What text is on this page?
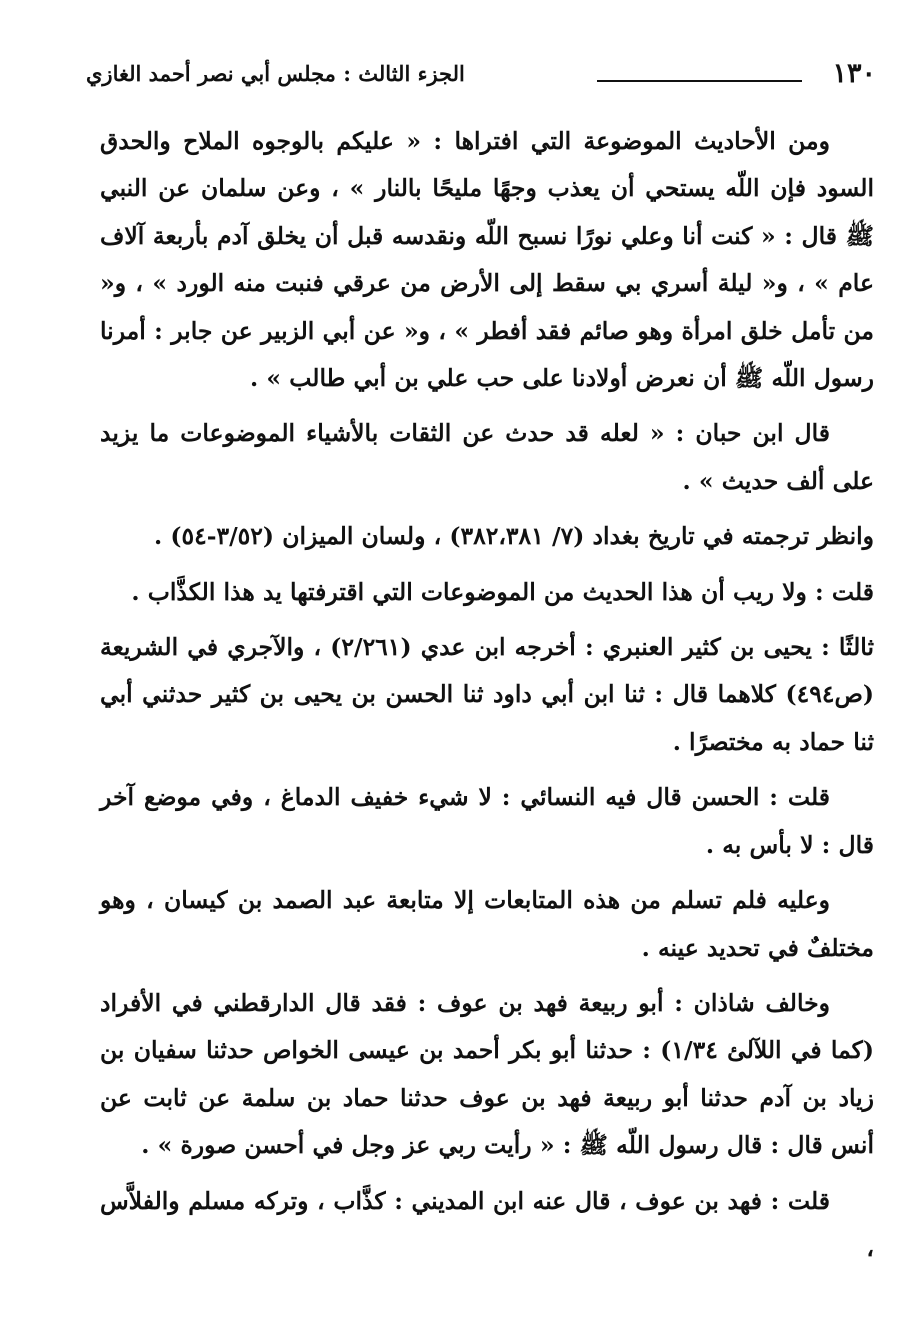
١٣٠
الجزء الثالث : مجلس أبي نصر أحمد الغازي

ومن الأحاديث الموضوعة التي افتراها : « عليكم بالوجوه الملاح والحدق السود فإن اللّه يستحي أن يعذب وجهًا مليحًا بالنار » ، وعن سلمان عن النبي ﷺ قال : « كنت أنا وعلي نورًا نسبح اللّه ونقدسه قبل أن يخلق آدم بأربعة آلاف عام » ، و« ليلة أسري بي سقط إلى الأرض من عرقي فنبت منه الورد » ، و« من تأمل خلق امرأة وهو صائم فقد أفطر » ، و« عن أبي الزبير عن جابر : أمرنا رسول اللّه ﷺ أن نعرض أولادنا على حب علي بن أبي طالب » .

قال ابن حبان : « لعله قد حدث عن الثقات بالأشياء الموضوعات ما يزيد على ألف حديث » .

وانظر ترجمته في تاريخ بغداد (٧/ ٣٨٢،٣٨١) ، ولسان الميزان (٣/٥٢-٥٤) .

قلت : ولا ريب أن هذا الحديث من الموضوعات التي اقترفتها يد هذا الكذَّاب .

ثالثًا : يحيى بن كثير العنبري : أخرجه ابن عدي (٢/٢٦١) ، والآجري في الشريعة (ص٤٩٤) كلاهما قال : ثنا ابن أبي داود ثنا الحسن بن يحيى بن كثير حدثني أبي ثنا حماد به مختصرًا .

قلت : الحسن قال فيه النسائي : لا شيء خفيف الدماغ ، وفي موضع آخر قال : لا بأس به .

وعليه فلم تسلم من هذه المتابعات إلا متابعة عبد الصمد بن كيسان ، وهو مختلفٌ في تحديد عينه .

وخالف شاذان : أبو ربيعة فهد بن عوف : فقد قال الدارقطني في الأفراد (كما في اللآلئ ١/٣٤) : حدثنا أبو بكر أحمد بن عيسى الخواص حدثنا سفيان بن زياد بن آدم حدثنا أبو ربيعة فهد بن عوف حدثنا حماد بن سلمة عن ثابت عن أنس قال : قال رسول اللّه ﷺ : « رأيت ربي عز وجل في أحسن صورة » .

قلت : فهد بن عوف ، قال عنه ابن المديني : كذَّاب ، وتركه مسلم والفلاَّس ،
